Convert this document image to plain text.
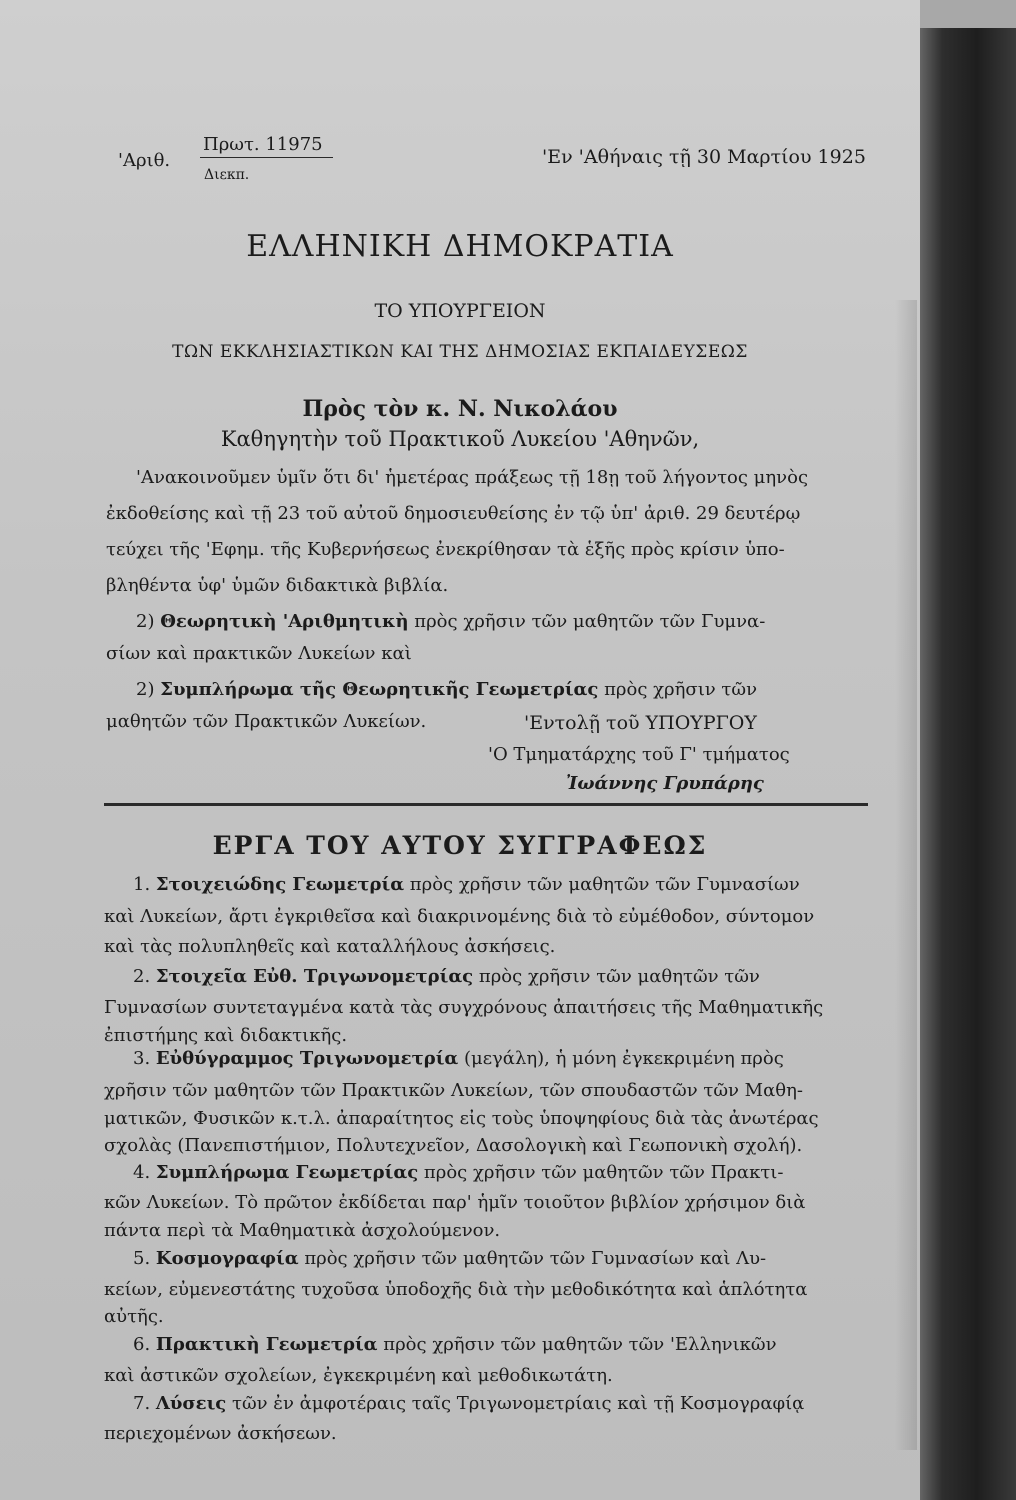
'Αριθ.
Πρωτ. 11975
Διεκπ.
'Εν 'Αθήναις τῇ 30 Μαρτίου 1925
ΕΛΛΗΝΙΚΗ ΔΗΜΟΚΡΑΤΙΑ
ΤΟ ΥΠΟΥΡΓΕΙΟΝ
ΤΩΝ ΕΚΚΛΗΣΙΑΣΤΙΚΩΝ ΚΑΙ ΤΗΣ ΔΗΜΟΣΙΑΣ ΕΚΠΑΙΔΕΥΣΕΩΣ
Πρὸς τὸν κ. Ν. Νικολάου
Καθηγητὴν τοῦ Πρακτικοῦ Λυκείου 'Αθηνῶν,
'Ανακοινοῦμεν ὑμῖν ὅτι δι' ἡμετέρας πράξεως τῇ 18ῃ τοῦ λήγοντος μηνὸς
ἐκδοθείσης καὶ τῇ 23 τοῦ αὐτοῦ δημοσιευθείσης ἐν τῷ ὑπ' ἀριθ. 29 δευτέρῳ
τεύχει τῆς 'Εφημ. τῆς Κυβερνήσεως ἐνεκρίθησαν τὰ ἑξῆς πρὸς κρίσιν ὑπο-
βληθέντα ὑφ' ὑμῶν διδακτικὰ βιβλία.
2) Θεωρητικὴ 'Αριθμητικὴ πρὸς χρῆσιν τῶν μαθητῶν τῶν Γυμνα-
σίων καὶ πρακτικῶν Λυκείων καὶ
2) Συμπλήρωμα τῆς Θεωρητικῆς Γεωμετρίας πρὸς χρῆσιν τῶν
μαθητῶν τῶν Πρακτικῶν Λυκείων.	'Εντολῇ τοῦ ΥΠΟΥΡΓΟΥ
'Ο Τμηματάρχης τοῦ Γ' τμήματος
Ἰωάννης Γρυπάρης
ΕΡΓΑ ΤΟΥ ΑΥΤΟΥ ΣΥΓΓΡΑΦΕΩΣ
1. Στοιχειώδης Γεωμετρία πρὸς χρῆσιν τῶν μαθητῶν τῶν Γυμνασίων
καὶ Λυκείων, ἄρτι ἐγκριθεῖσα καὶ διακρινομένης διὰ τὸ εὐμέθοδον, σύντομον
καὶ τὰς πολυπληθεῖς καὶ καταλλήλους ἀσκήσεις.
2. Στοιχεῖα Εὐθ. Τριγωνομετρίας πρὸς χρῆσιν τῶν μαθητῶν τῶν
Γυμνασίων συντεταγμένα κατὰ τὰς συγχρόνους ἀπαιτήσεις τῆς Μαθηματικῆς
ἐπιστήμης καὶ διδακτικῆς.
3. Εὐθύγραμμος Τριγωνομετρία (μεγάλη), ἡ μόνη ἐγκεκριμένη πρὸς
χρῆσιν τῶν μαθητῶν τῶν Πρακτικῶν Λυκείων, τῶν σπουδαστῶν τῶν Μαθη-
ματικῶν, Φυσικῶν κ.τ.λ. ἀπαραίτητος εἰς τοὺς ὑποψηφίους διὰ τὰς ἀνωτέρας
σχολὰς (Πανεπιστήμιον, Πολυτεχνεῖον, Δασολογικὴ καὶ Γεωπονικὴ σχολή).
4. Συμπλήρωμα Γεωμετρίας πρὸς χρῆσιν τῶν μαθητῶν τῶν Πρακτι-
κῶν Λυκείων. Τὸ πρῶτον ἐκδίδεται παρ' ἡμῖν τοιοῦτον βιβλίον χρήσιμον διὰ
πάντα περὶ τὰ Μαθηματικὰ ἀσχολούμενον.
5. Κοσμογραφία πρὸς χρῆσιν τῶν μαθητῶν τῶν Γυμνασίων καὶ Λυ-
κείων, εὐμενεστάτης τυχοῦσα ὑποδοχῆς διὰ τὴν μεθοδικότητα καὶ ἁπλότητα
αὐτῆς.
6. Πρακτικὴ Γεωμετρία πρὸς χρῆσιν τῶν μαθητῶν τῶν 'Ελληνικῶν
καὶ ἀστικῶν σχολείων, ἐγκεκριμένη καὶ μεθοδικωτάτη.
7. Λύσεις τῶν ἐν ἀμφοτέραις ταῖς Τριγωνομετρίαις καὶ τῇ Κοσμογραφίᾳ
περιεχομένων ἀσκήσεων.
